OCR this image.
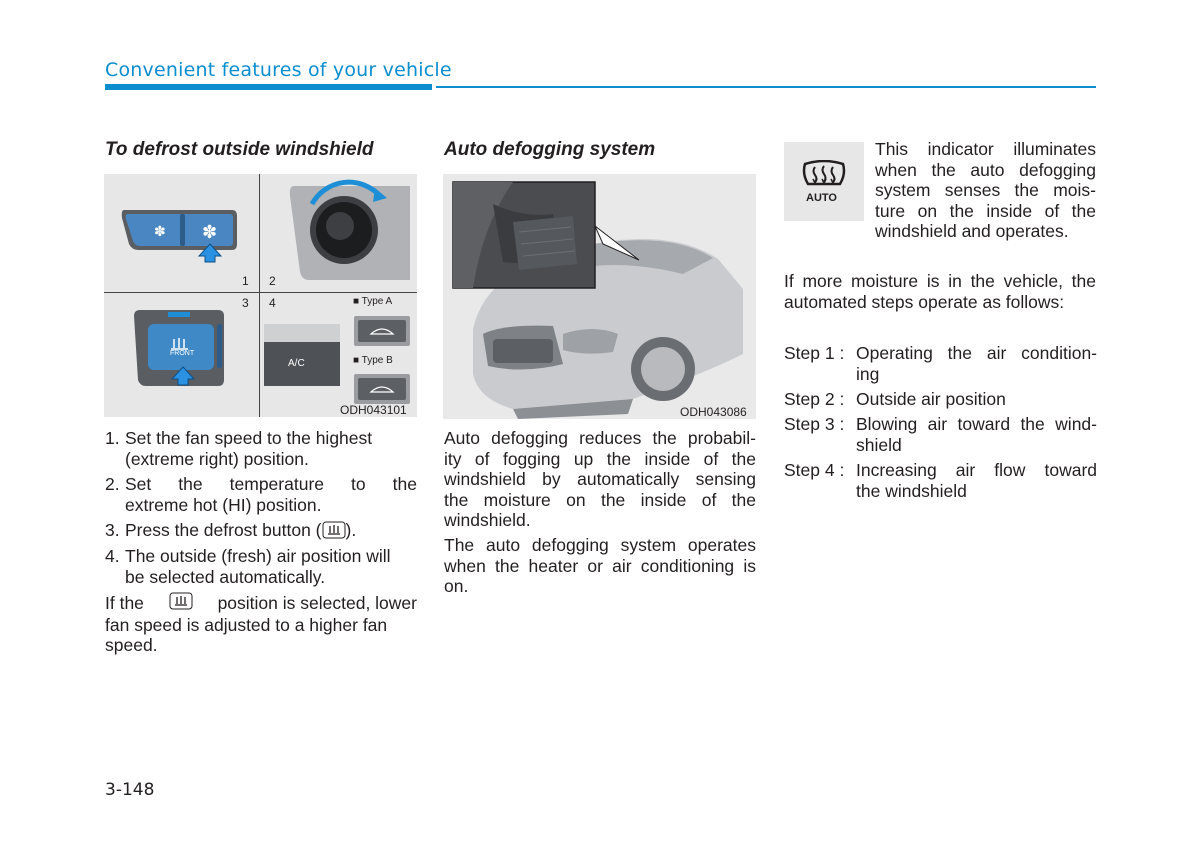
Convenient features of your vehicle
To defrost outside windshield
✽ ✽
1 2
3 4	■ Type A
■ Type B
FRONT
A/C
ODH043101
1. Set the fan speed to the highest
(extreme right) position.
2. Set the temperature to the
extreme hot (HI) position.
3. Press the defrost button ( ).
4. The outside (fresh) air position will
be selected automatically.
If the	position is selected, lower
fan speed is adjusted to a higher fan
speed.
Auto defogging system
ODH043086
Auto defogging reduces the probabil-
ity of fogging up the inside of the
windshield by automatically sensing
the moisture on the inside of the
windshield.
The auto defogging system operates
when the heater or air conditioning is
on.
AUTO
This indicator illuminates
when the auto defogging
system senses the mois-
ture on the inside of the
windshield and operates.
If more moisture is in the vehicle, the
automated steps operate as follows:
Step 1 : Operating the air condition-
ing
Step 2 : Outside air position
Step 3 : Blowing air toward the wind-
shield
Step 4 : Increasing air flow toward
the windshield
3-148
